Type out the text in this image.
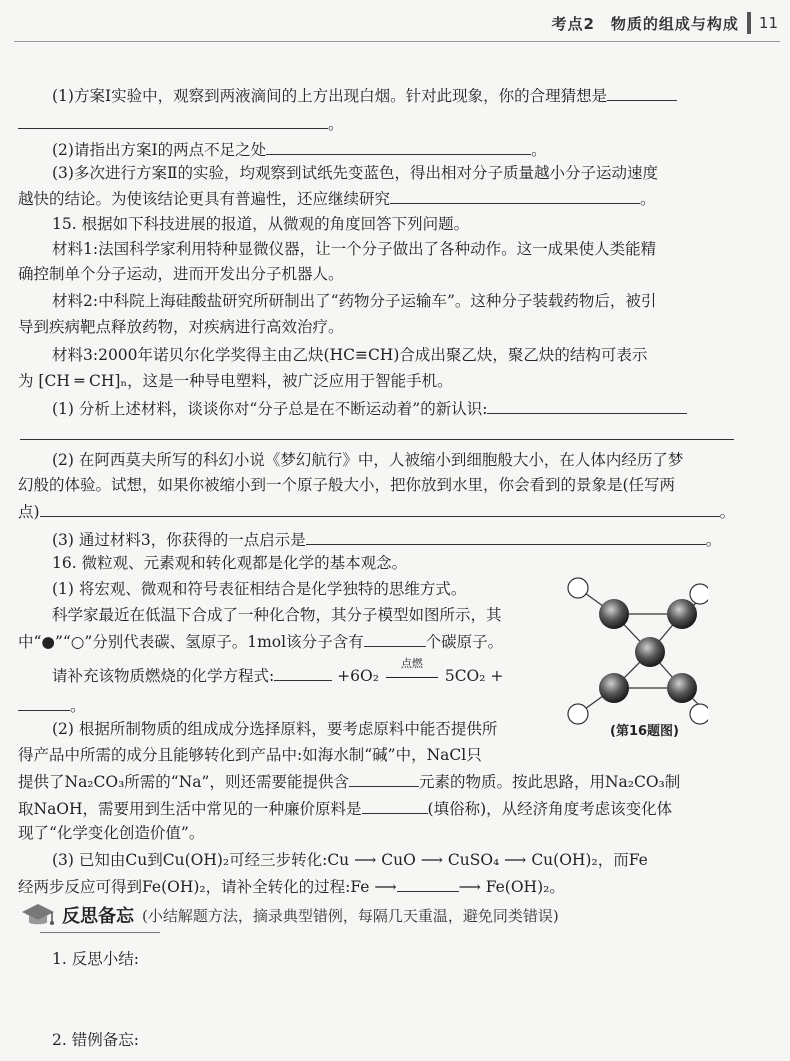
考点2　物质的组成与构成 11
(1)方案Ⅰ实验中，观察到两液滴间的上方出现白烟。针对此现象，你的合理猜想是
。
(2)请指出方案Ⅰ的两点不足之处	。
(3)多次进行方案Ⅱ的实验，均观察到试纸先变蓝色，得出相对分子质量越小分子运动速度
越快的结论。为使该结论更具有普遍性，还应继续研究	。
15. 根据如下科技进展的报道，从微观的角度回答下列问题。
材料1:法国科学家利用特种显微仪器，让一个分子做出了各种动作。这一成果使人类能精
确控制单个分子运动，进而开发出分子机器人。
材料2:中科院上海硅酸盐研究所研制出了“药物分子运输车”。这种分子装载药物后，被引
导到疾病靶点释放药物，对疾病进行高效治疗。
材料3:2000年诺贝尔化学奖得主由乙炔(HC≡CH)合成出聚乙炔，聚乙炔的结构可表示
为 [CH ═ CH]ₙ，这是一种导电塑料，被广泛应用于智能手机。
(1) 分析上述材料，谈谈你对“分子总是在不断运动着”的新认识:
(2) 在阿西莫夫所写的科幻小说《梦幻航行》中，人被缩小到细胞般大小，在人体内经历了梦
幻般的体验。试想，如果你被缩小到一个原子般大小，把你放到水里，你会看到的景象是(任写两
点)	。
(3) 通过材料3，你获得的一点启示是	。
16. 微粒观、元素观和转化观都是化学的基本观念。
(1) 将宏观、微观和符号表征相结合是化学独特的思维方式。
科学家最近在低温下合成了一种化合物，其分子模型如图所示，其
中“●”“○”分别代表碳、氢原子。1mol该分子含有	个碳原子。
请补充该物质燃烧的化学方程式:	+6O₂
点燃
5CO₂ +
。
(2) 根据所制物质的组成成分选择原料，要考虑原料中能否提供所
得产品中所需的成分且能够转化到产品中:如海水制“碱”中，NaCl只
提供了Na₂CO₃所需的“Na”，则还需要能提供含	元素的物质。按此思路，用Na₂CO₃制
取NaOH，需要用到生活中常见的一种廉价原料是	(填俗称)，从经济角度考虑该变化体
现了“化学变化创造价值”。
(3) 已知由Cu到Cu(OH)₂可经三步转化:Cu ⟶ CuO ⟶ CuSO₄ ⟶ Cu(OH)₂，而Fe
经两步反应可得到Fe(OH)₂，请补全转化的过程:Fe ⟶	⟶ Fe(OH)₂。
(第16题图)
反思备忘 (小结解题方法，摘录典型错例，每隔几天重温，避免同类错误)
1. 反思小结:
2. 错例备忘:
